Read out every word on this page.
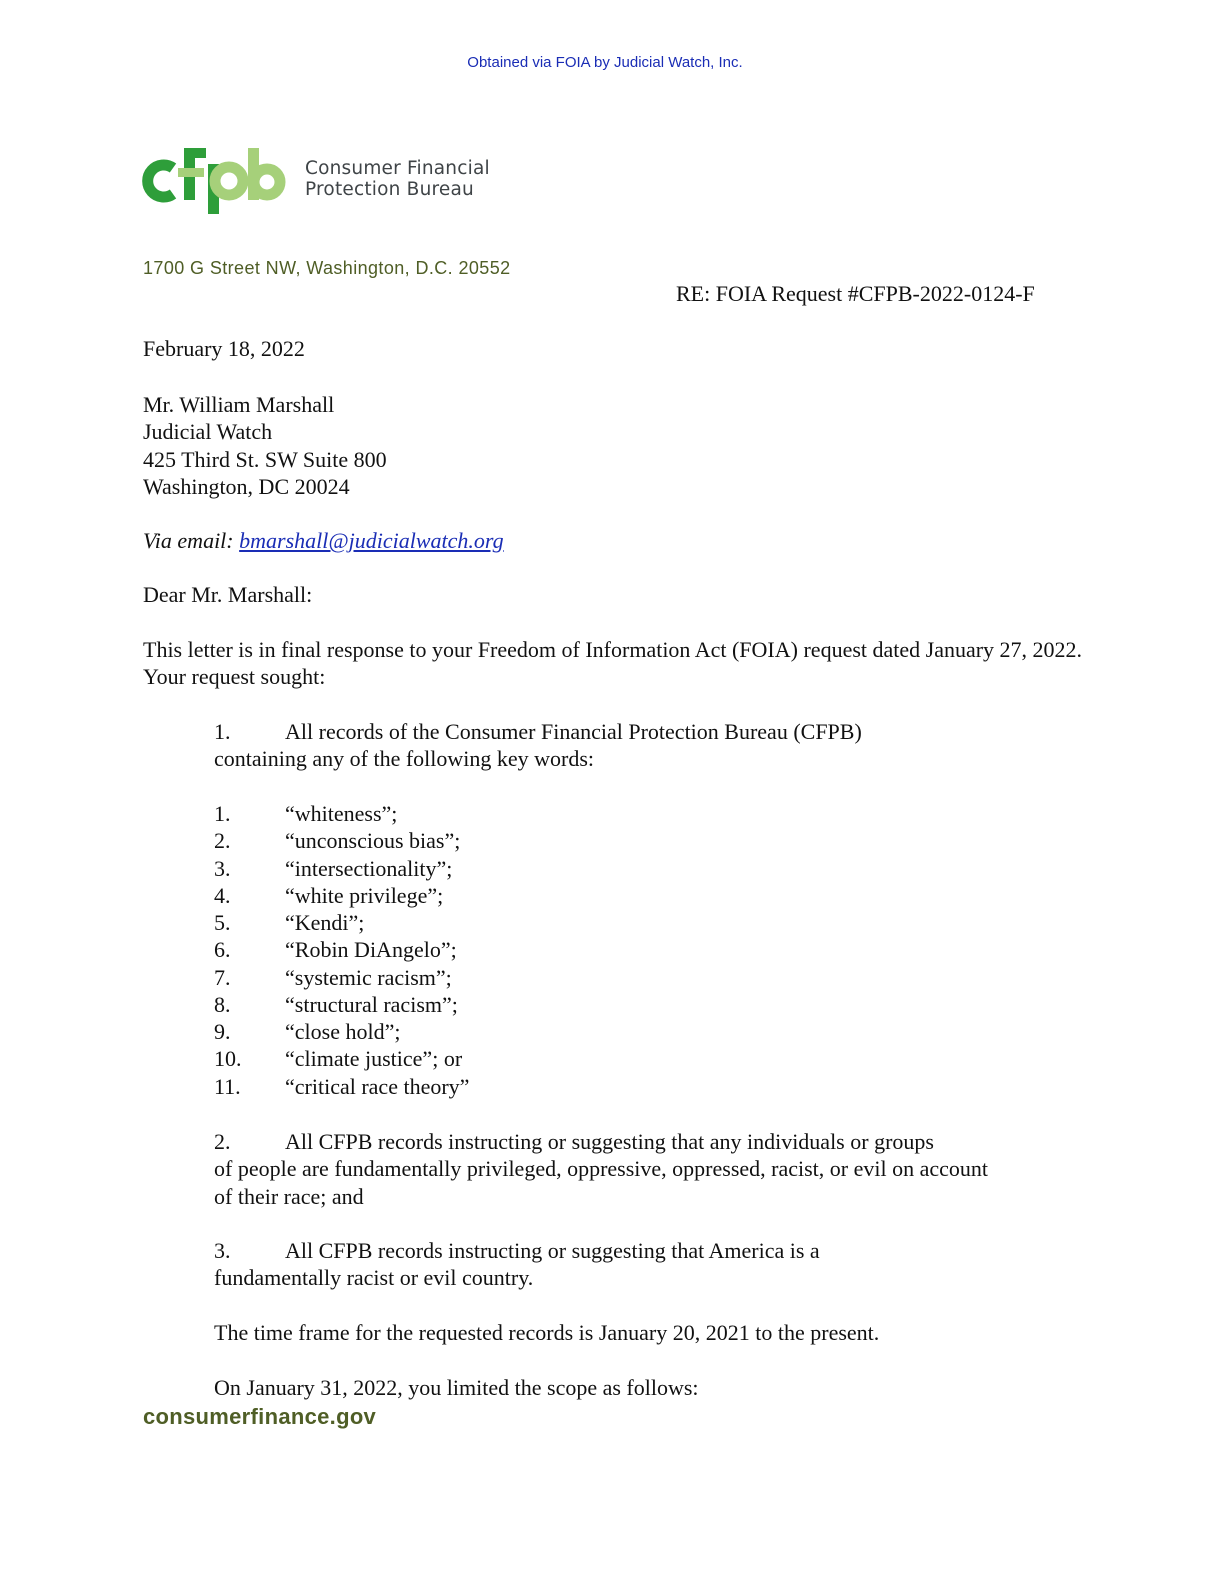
Obtained via FOIA by Judicial Watch, Inc.
Consumer Financial
Protection Bureau
1700 G Street NW, Washington, D.C. 20552
RE: FOIA Request #CFPB-2022-0124-F
February 18, 2022
Mr. William Marshall
Judicial Watch
425 Third St. SW Suite 800
Washington, DC 20024
Via email: bmarshall@judicialwatch.org
Dear Mr. Marshall:
This letter is in final response to your Freedom of Information Act (FOIA) request dated January 27, 2022. Your request sought:
1. All records of the Consumer Financial Protection Bureau (CFPB)
containing any of the following key words:
1.	“whiteness”;
2.	“unconscious bias”;
3.	“intersectionality”;
4.	“white privilege”;
5.	“Kendi”;
6.	“Robin DiAngelo”;
7.	“systemic racism”;
8.	“structural racism”;
9.	“close hold”;
10.	“climate justice”; or
11.	“critical race theory”
2. All CFPB records instructing or suggesting that any individuals or groups
of people are fundamentally privileged, oppressive, oppressed, racist, or evil on account of their race; and
3. All CFPB records instructing or suggesting that America is a
fundamentally racist or evil country.
The time frame for the requested records is January 20, 2021 to the present.
On January 31, 2022, you limited the scope as follows:
consumerfinance.gov
